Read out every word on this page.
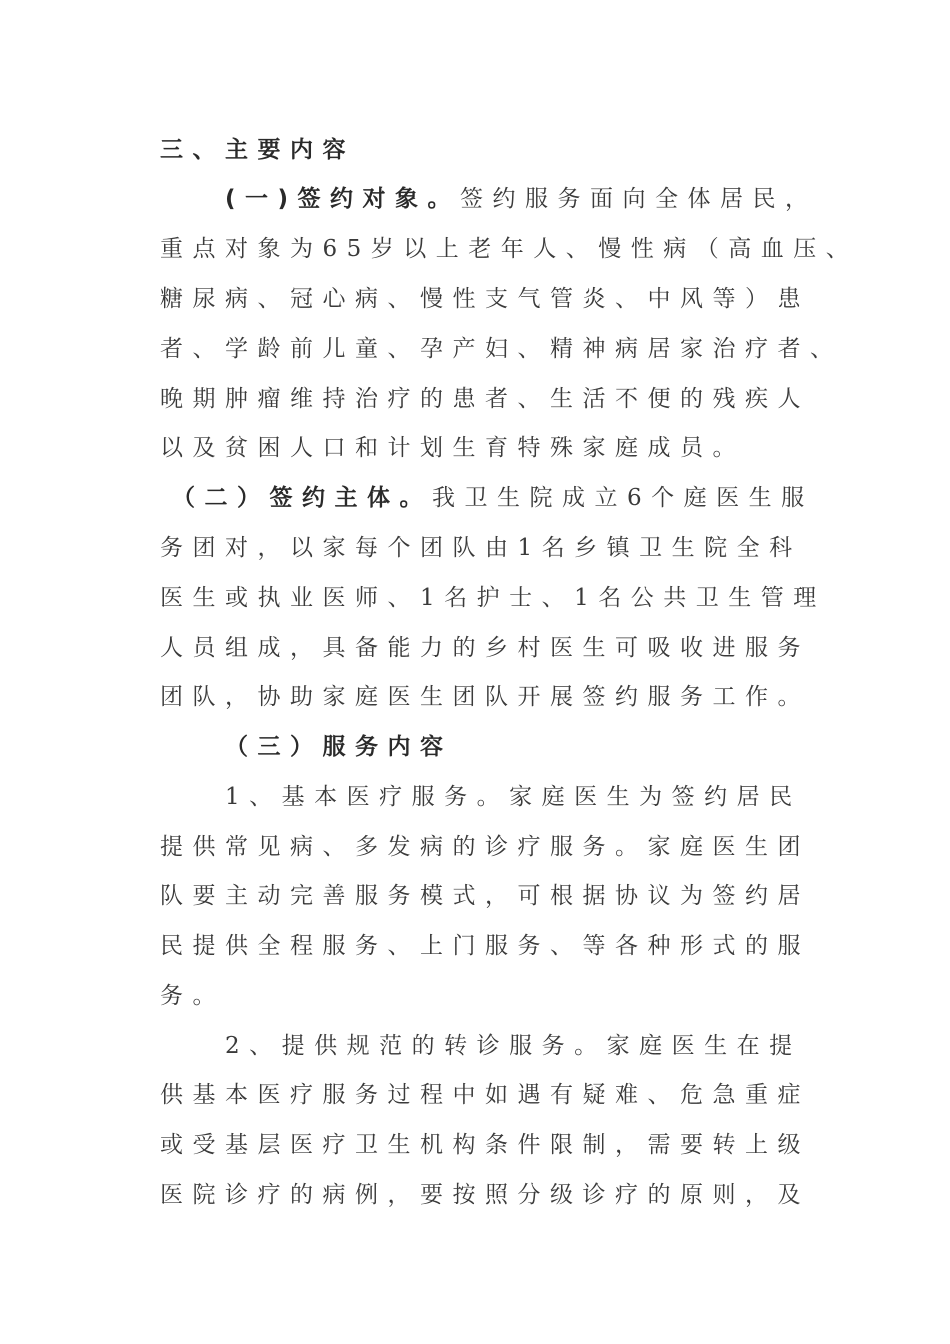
三、主要内容
(一)签约对象。签约服务面向全体居民，
重点对象为65岁以上老年人、慢性病（高血压、
糖尿病、冠心病、慢性支气管炎、中风等）患
者、学龄前儿童、孕产妇、精神病居家治疗者、
晚期肿瘤维持治疗的患者、生活不便的残疾人
以及贫困人口和计划生育特殊家庭成员。
（二）签约主体。我卫生院成立6个庭医生服
务团对，以家每个团队由1名乡镇卫生院全科
医生或执业医师、1名护士、1名公共卫生管理
人员组成，具备能力的乡村医生可吸收进服务
团队，协助家庭医生团队开展签约服务工作。
（三）服务内容
1、基本医疗服务。家庭医生为签约居民
提供常见病、多发病的诊疗服务。家庭医生团
队要主动完善服务模式，可根据协议为签约居
民提供全程服务、上门服务、等各种形式的服
务。
2、提供规范的转诊服务。家庭医生在提
供基本医疗服务过程中如遇有疑难、危急重症
或受基层医疗卫生机构条件限制，需要转上级
医院诊疗的病例，要按照分级诊疗的原则，及
